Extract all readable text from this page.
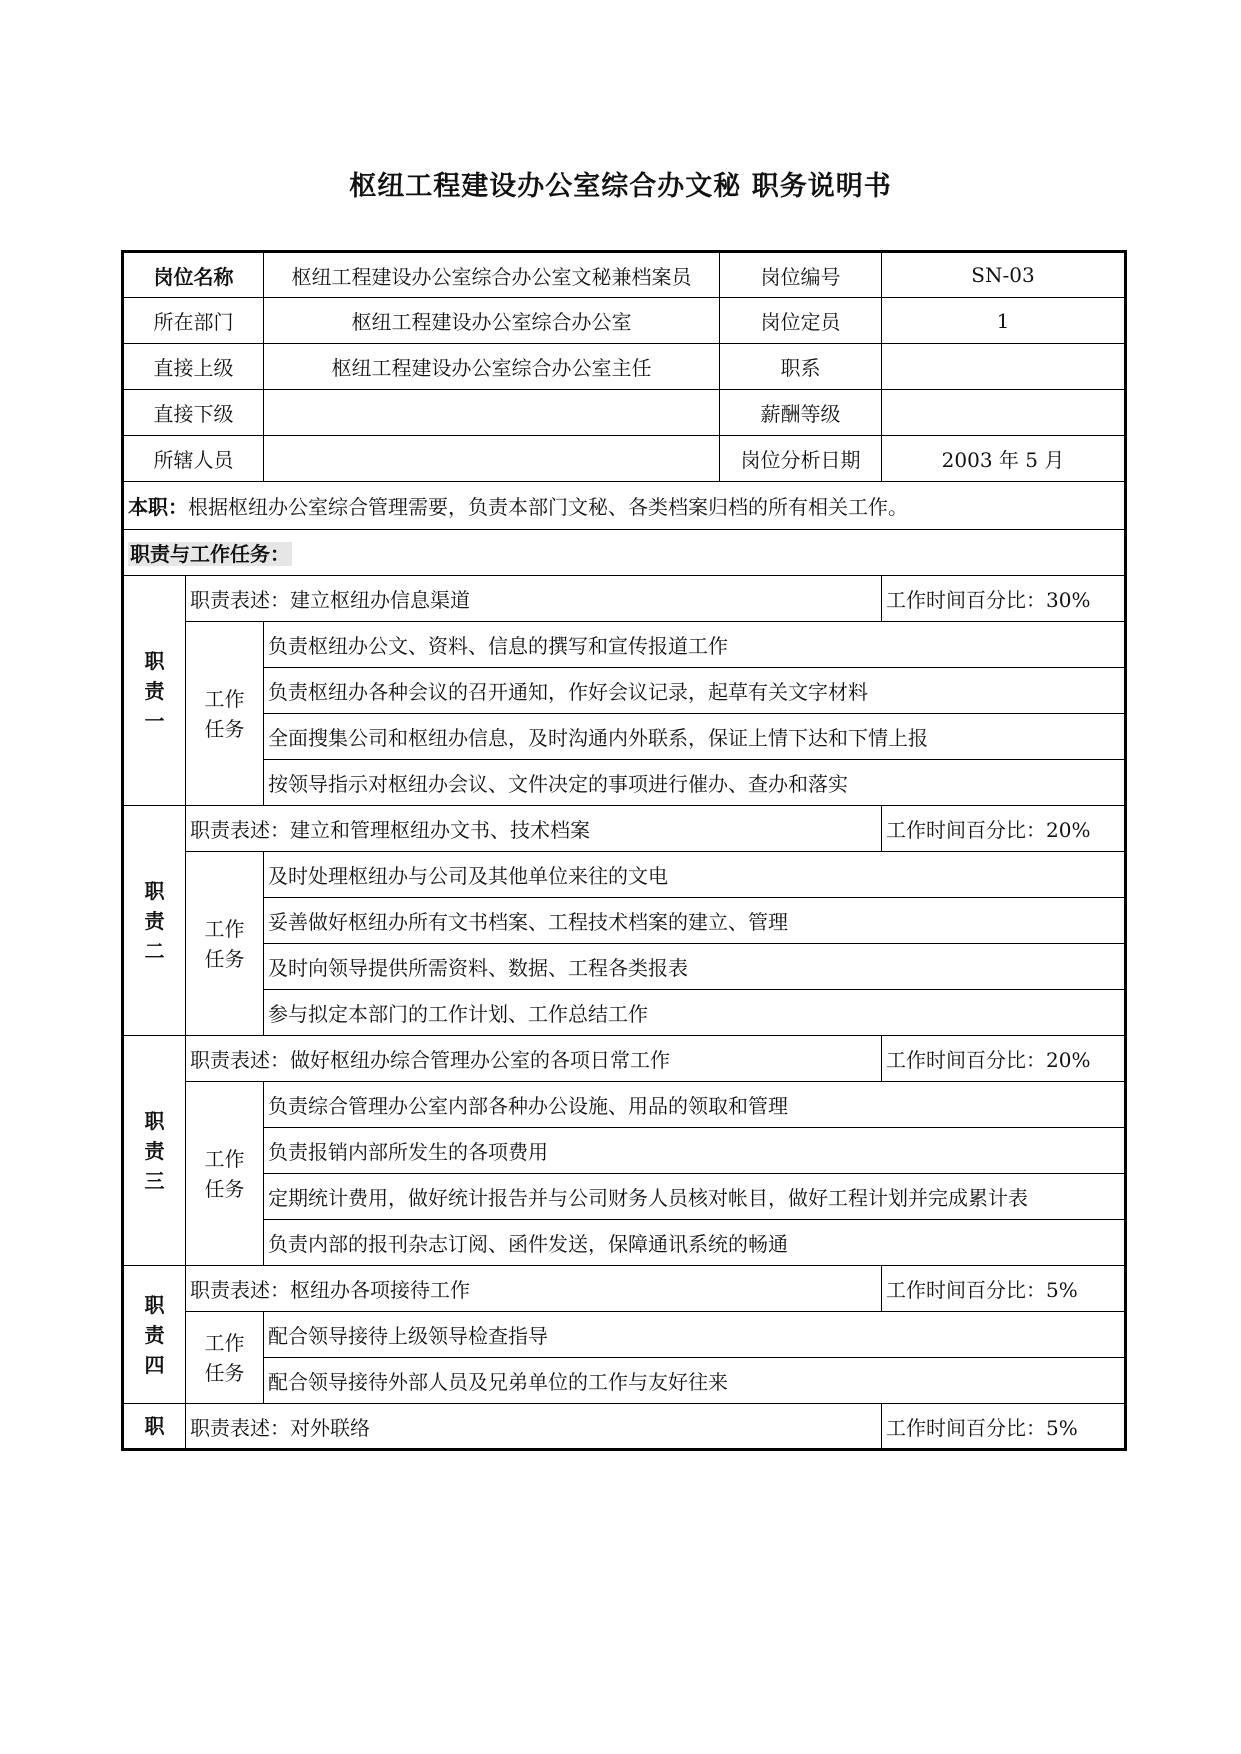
枢纽工程建设办公室综合办文秘 职务说明书
岗位名称		枢纽工程建设办公室综合办公室文秘兼档案员	岗位编号	SN-03
所在部门		枢纽工程建设办公室综合办公室	岗位定员	1
直接上级		枢纽工程建设办公室综合办公室主任	职系	
直接下级			薪酬等级	
所辖人员			岗位分析日期	2003 年 5 月
本职：根据枢纽办公室综合管理需要，负责本部门文秘、各类档案归档的所有相关工作。				
职责与工作任务：				

职
责
一	职责表述：建立枢纽办信息渠道			工作时间百分比：30%

	工作
任务	负责枢纽办公文、资料、信息的撰写和宣传报道工作		
		负责枢纽办各种会议的召开通知，作好会议记录，起草有关文字材料		
		全面搜集公司和枢纽办信息，及时沟通内外联系，保证上情下达和下情上报		
		按领导指示对枢纽办会议、文件决定的事项进行催办、查办和落实		

职
责
二	职责表述：建立和管理枢纽办文书、技术档案			工作时间百分比：20%

	工作
任务	及时处理枢纽办与公司及其他单位来往的文电		
		妥善做好枢纽办所有文书档案、工程技术档案的建立、管理		
		及时向领导提供所需资料、数据、工程各类报表		
		参与拟定本部门的工作计划、工作总结工作		

职
责
三	职责表述：做好枢纽办综合管理办公室的各项日常工作			工作时间百分比：20%

	工作
任务	负责综合管理办公室内部各种办公设施、用品的领取和管理		
		负责报销内部所发生的各项费用		
		定期统计费用，做好统计报告并与公司财务人员核对帐目，做好工程计划并完成累计表		
		负责内部的报刊杂志订阅、函件发送，保障通讯系统的畅通		

职
责
四	职责表述：枢纽办各项接待工作			工作时间百分比：5%

	工作
任务	配合领导接待上级领导检查指导		
		配合领导接待外部人员及兄弟单位的工作与友好往来		

职	职责表述：对外联络			工作时间百分比：5%
